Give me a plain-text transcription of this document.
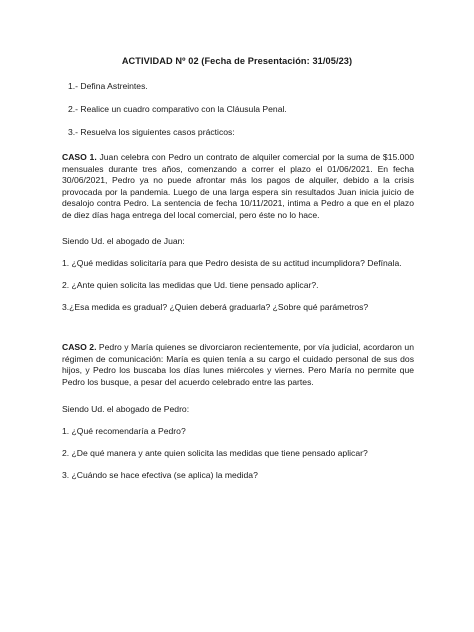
ACTIVIDAD Nº 02 (Fecha de Presentación: 31/05/23)
1.- Defina Astreintes.
2.- Realice un cuadro comparativo con la Cláusula Penal.
3.- Resuelva los siguientes casos prácticos:
CASO 1. Juan celebra con Pedro un contrato de alquiler comercial por la suma de $15.000 mensuales durante tres años, comenzando a correr el plazo el 01/06/2021. En fecha 30/06/2021, Pedro ya no puede afrontar más los pagos de alquiler, debido a la crisis provocada por la pandemia. Luego de una larga espera sin resultados Juan inicia juicio de desalojo contra Pedro. La sentencia de fecha 10/11/2021, intima a Pedro a que en el plazo de diez días haga entrega del local comercial, pero éste no lo hace.
Siendo Ud. el abogado de Juan:
1. ¿Qué medidas solicitaría para que Pedro desista de su actitud incumplidora? Defínala.
2. ¿Ante quien solicita las medidas que Ud. tiene pensado aplicar?.
3.¿Esa medida es gradual? ¿Quien deberá graduarla? ¿Sobre qué parámetros?
CASO 2. Pedro y María quienes se divorciaron recientemente, por vía judicial, acordaron un régimen de comunicación: María es quien tenía a su cargo el cuidado personal de sus dos hijos, y Pedro los buscaba los días lunes miércoles y viernes. Pero María no permite que Pedro los busque, a pesar del acuerdo celebrado entre las partes.
Siendo Ud. el abogado de Pedro:
1. ¿Qué recomendaría a Pedro?
2. ¿De qué manera y ante quien solicita las medidas que tiene pensado aplicar?
3. ¿Cuándo se hace efectiva (se aplica) la medida?
